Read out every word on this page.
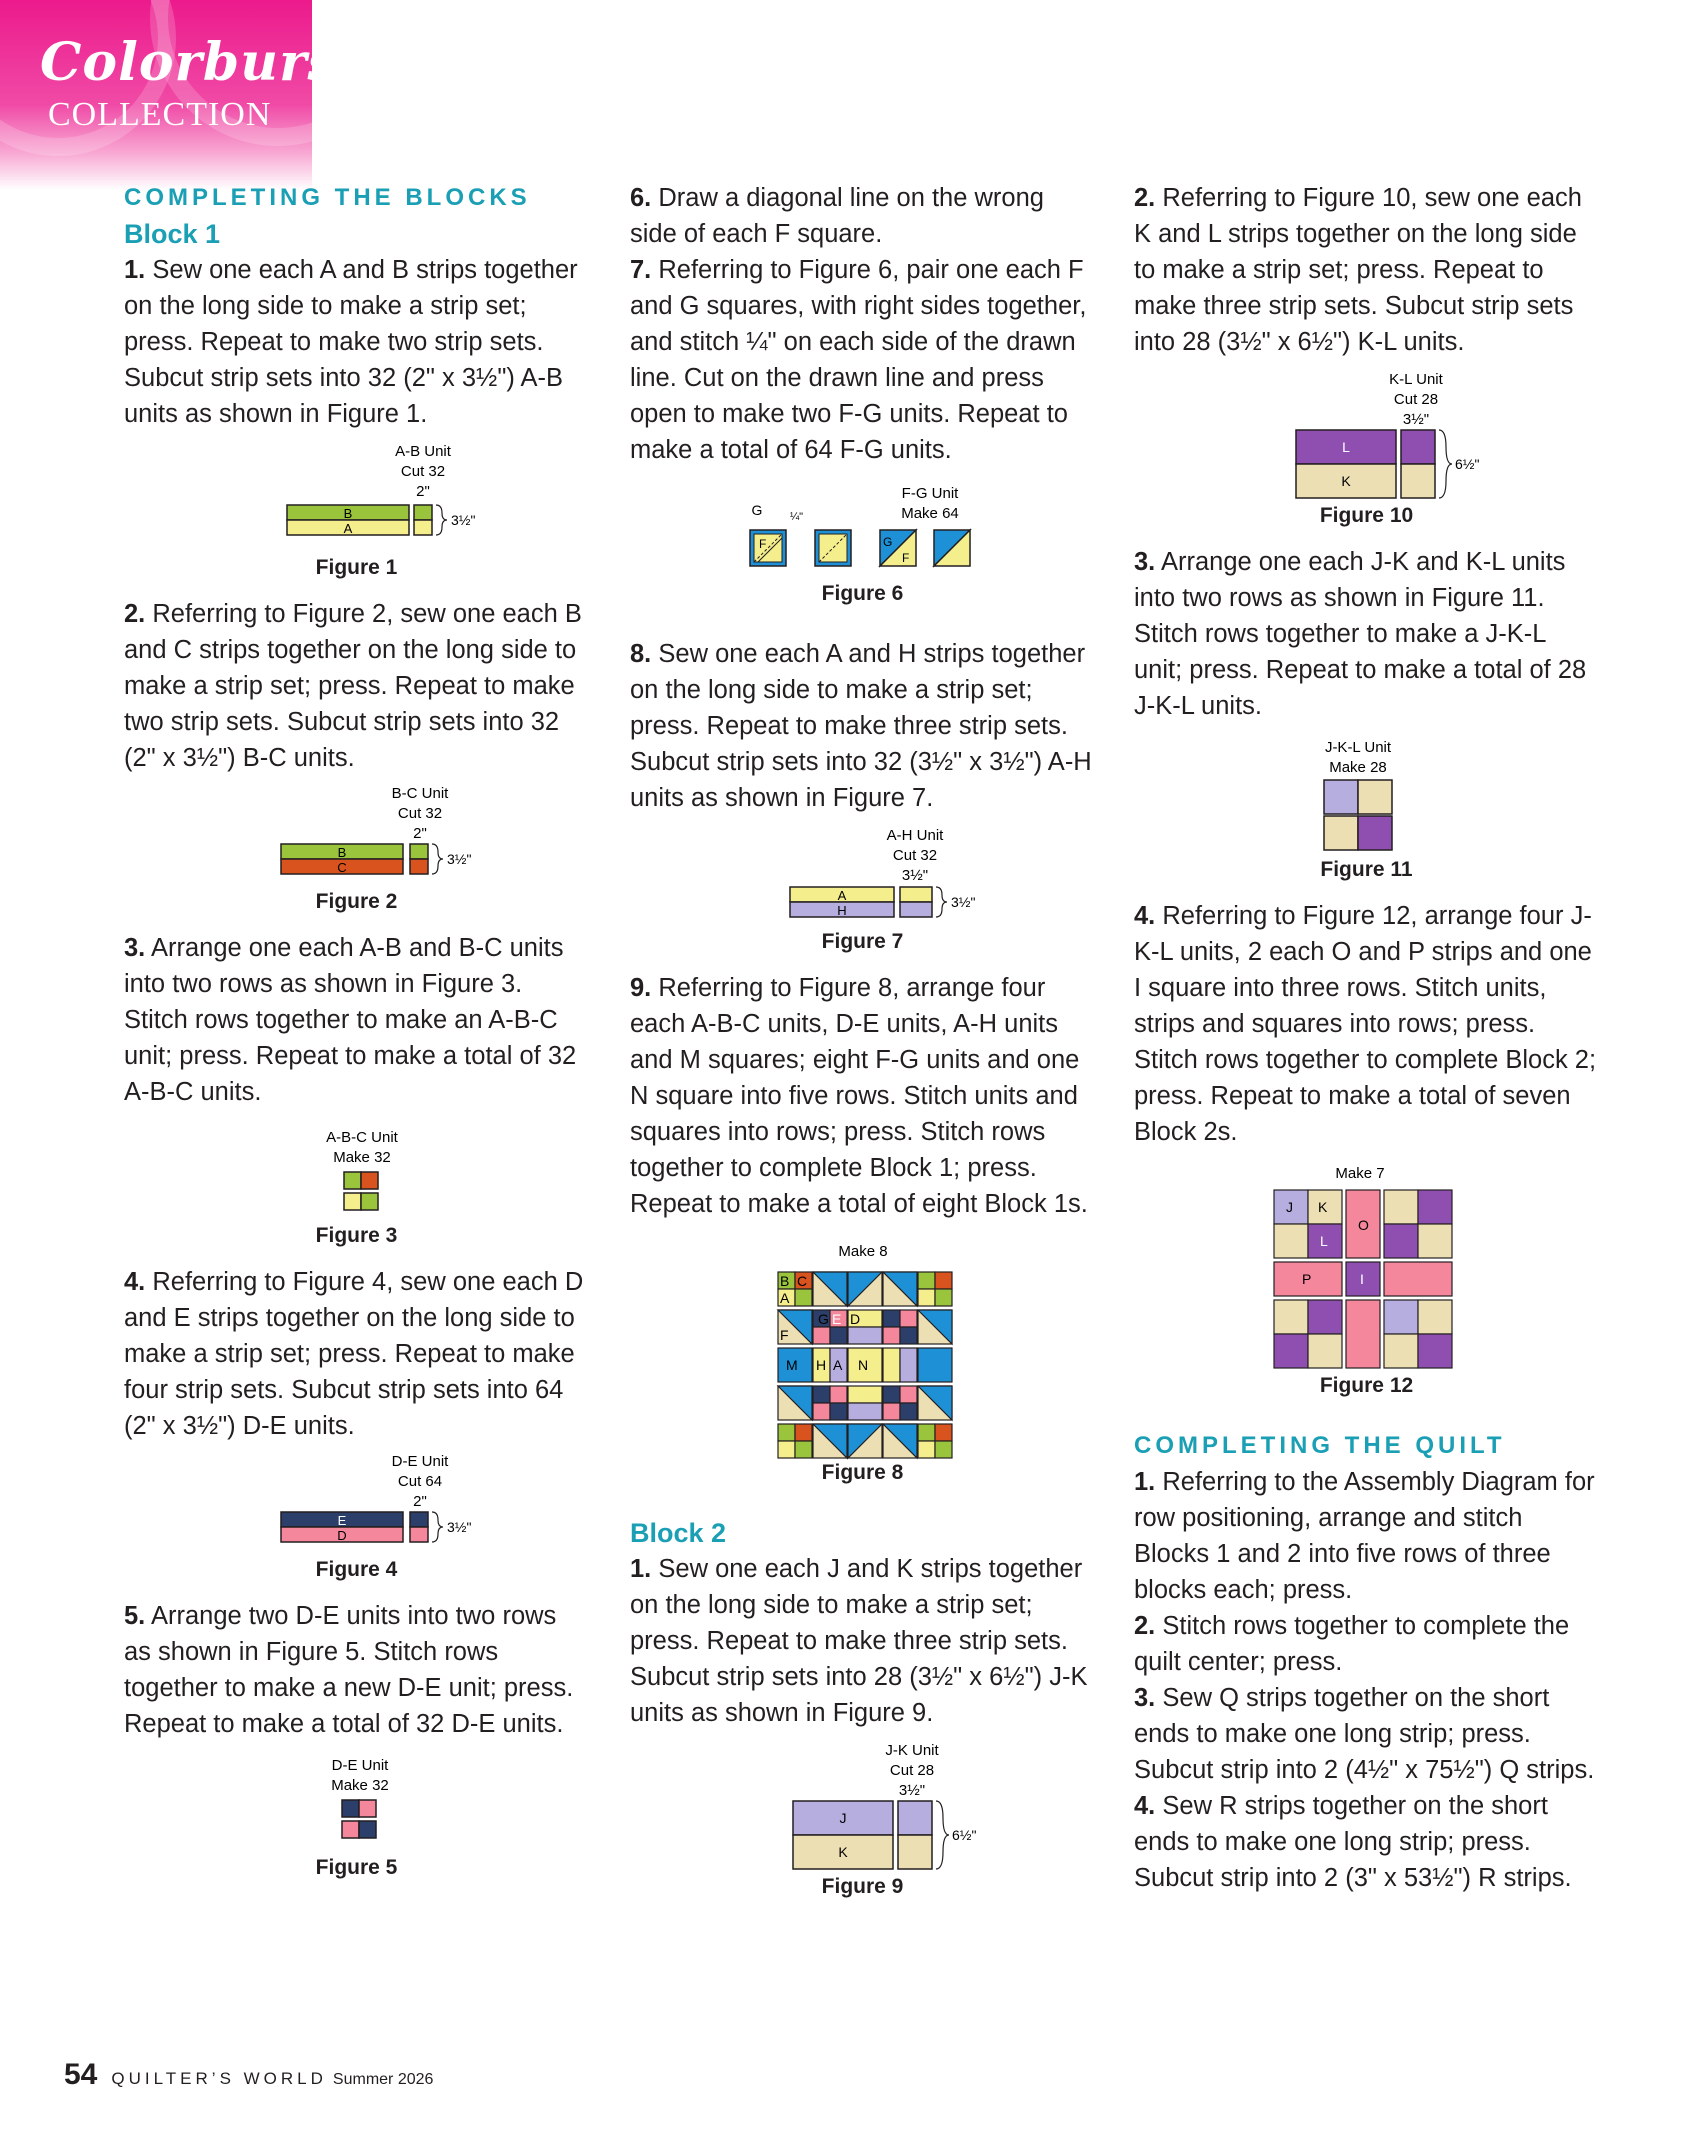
Colorburst
COLLECTION

COMPLETING THE BLOCKS

Block 1

1. Sew one each A and B strips together on the long side to make a strip set; press. Repeat to make two strip sets. Subcut strip sets into 32 (2" x 3½") A-B units as shown in Figure 1.

A-B Unit
Cut 32
2"
B
A
3½"
Figure 1

2. Referring to Figure 2, sew one each B and C strips together on the long side to make a strip set; press. Repeat to make two strip sets. Subcut strip sets into 32 (2" x 3½") B-C units.

B-C Unit
Cut 32
2"
B
C
3½"
Figure 2

3. Arrange one each A-B and B-C units into two rows as shown in Figure 3. Stitch rows together to make an A-B-C unit; press. Repeat to make a total of 32 A-B-C units.

A-B-C Unit
Make 32
Figure 3

4. Referring to Figure 4, sew one each D and E strips together on the long side to make a strip set; press. Repeat to make four strip sets. Subcut strip sets into 64 (2" x 3½") D-E units.

D-E Unit
Cut 64
2"
E
D
3½"
Figure 4

5. Arrange two D-E units into two rows as shown in Figure 5. Stitch rows together to make a new D-E unit; press. Repeat to make a total of 32 D-E units.

D-E Unit
Make 32
Figure 5

6. Draw a diagonal line on the wrong side of each F square.

7. Referring to Figure 6, pair one each F and G squares, with right sides together, and stitch ¼" on each side of the drawn line. Cut on the drawn line and press open to make two F-G units. Repeat to make a total of 64 F-G units.

F-G Unit
Make 64
G	¼"
F	G
F
Figure 6

8. Sew one each A and H strips together on the long side to make a strip set; press. Repeat to make three strip sets. Subcut strip sets into 32 (3½" x 3½") A-H units as shown in Figure 7.

A-H Unit
Cut 32
3½"
A
H
3½"
Figure 7

9. Referring to Figure 8, arrange four each A-B-C units, D-E units, A-H units and M squares; eight F-G units and one N square into five rows. Stitch units and squares into rows; press. Stitch rows together to complete Block 1; press. Repeat to make a total of eight Block 1s.

Make 8
B C
A
G E D
F
M H A N
Figure 8

Block 2

1. Sew one each J and K strips together on the long side to make a strip set; press. Repeat to make three strip sets. Subcut strip sets into 28 (3½" x 6½") J-K units as shown in Figure 9.

J-K Unit
Cut 28
3½"
J
K
6½"
Figure 9

2. Referring to Figure 10, sew one each K and L strips together on the long side to make a strip set; press. Repeat to make three strip sets. Subcut strip sets into 28 (3½" x 6½") K-L units.

K-L Unit
Cut 28
3½"
L
K
6½"
Figure 10

3. Arrange one each J-K and K-L units into two rows as shown in Figure 11. Stitch rows together to make a J-K-L unit; press. Repeat to make a total of 28 J-K-L units.

J-K-L Unit
Make 28
Figure 11

4. Referring to Figure 12, arrange four J-K-L units, 2 each O and P strips and one I square into three rows. Stitch units, strips and squares into rows; press. Stitch rows together to complete Block 2; press. Repeat to make a total of seven Block 2s.

Make 7
J K
L
O
P	I
Figure 12

COMPLETING THE QUILT

1. Referring to the Assembly Diagram for row positioning, arrange and stitch Blocks 1 and 2 into five rows of three blocks each; press.

2. Stitch rows together to complete the quilt center; press.

3. Sew Q strips together on the short ends to make one long strip; press. Subcut strip into 2 (4½" x 75½") Q strips.

4. Sew R strips together on the short ends to make one long strip; press. Subcut strip into 2 (3" x 53½") R strips.

54 QUILTER’S WORLD Summer 2026
